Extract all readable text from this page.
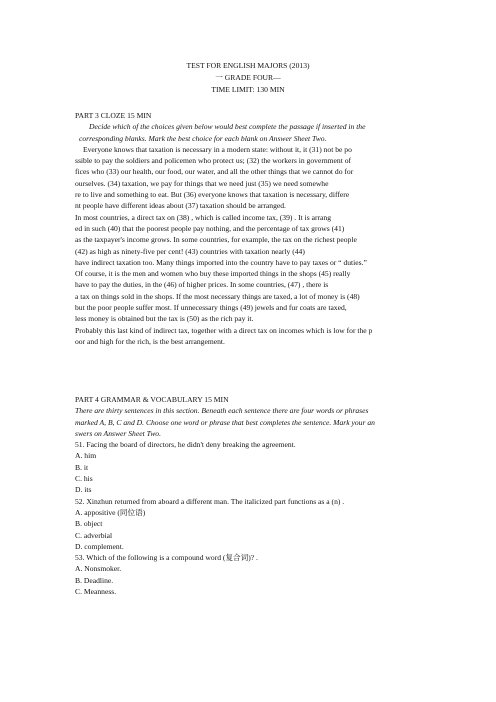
TEST FOR ENGLISH MAJORS (2013)
一 GRADE FOUR—
TIME LIMIT: 130 MIN
PART 3 CLOZE 15 MIN
Decide which of the choices given below would best complete the passage if inserted in the
corresponding blanks. Mark the best choice for each blank on Answer Sheet Two.
Everyone knows that taxation is necessary in a modern state: without it, it (31) not be po
ssible to pay the soldiers and policemen who protect us; (32) the workers in government of
fices who (33) our health, our food, our water, and all the other things that we cannot do for
ourselves. (34) taxation, we pay for things that we need just (35) we need somewhe
re to live and something to eat. But (36) everyone knows that taxation is necessary, differe
nt people have different ideas about (37) taxation should be arranged.
In most countries, a direct tax on (38) , which is called income tax, (39) . It is arrang
ed in such (40) that the poorest people pay nothing, and the percentage of tax grows (41)
as the taxpayer's income grows. In some countries, for example, the tax on the richest people
(42) as high as ninety-five per cent! (43) countries with taxation nearly (44)
have indirect taxation too. Many things imported into the country have to pay taxes or “ duties.”
Of course, it is the men and women who buy these imported things in the shops (45) really
have to pay the duties, in the (46) of higher prices. In some countries, (47) , there is
a tax on things sold in the shops. If the most necessary things are taxed, a lot of money is (48)
but the poor people suffer most. If unnecessary things (49) jewels and fur coats are taxed,
less money is obtained but the tax is (50) as the rich pay it.
Probably this last kind of indirect tax, together with a direct tax on incomes which is low for the p
oor and high for the rich, is the best arrangement.
PART 4 GRAMMAR & VOCABULARY 15 MIN
There are thirty sentences in this section. Beneath each sentence there are four words or phrases
marked A, B, C and D. Choose one word or phrase that best completes the sentence. Mark your an
swers on Answer Sheet Two.
51. Facing the board of directors, he didn't deny breaking the agreement.
A. him
B. it
C. his
D. its
52. Xinzhun returned from aboard a different man. The italicized part functions as a (n) .
A. appositive (同位语)
B. object
C. adverbial
D. complement.
53. Which of the following is a compound word (复合词)? .
A. Nonsmoker.
B. Deadline.
C. Meanness.
